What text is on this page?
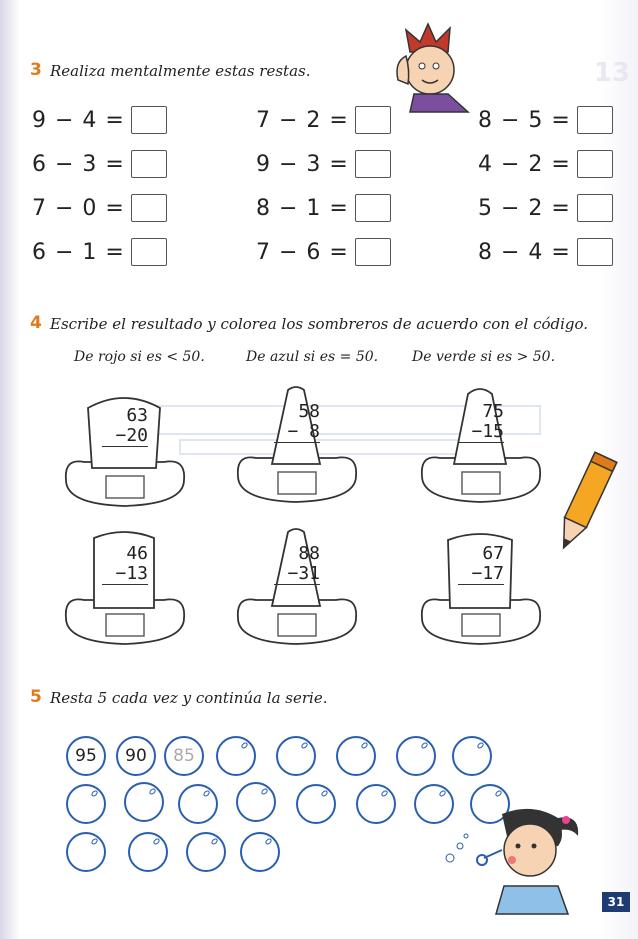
13
3 Realiza mentalmente estas restas.
9 − 4 =	7 − 2 =	8 − 5 =
6 − 3 =	9 − 3 =	4 − 2 =
7 − 0 =	8 − 1 =	5 − 2 =
6 − 1 =	7 − 6 =	8 − 4 =
4 Escribe el resultado y colorea los sombreros de acuerdo con el código.
De rojo si es < 50.	De azul si es = 50. De verde si es > 50.
63
−20
58
− 8
75
−15
46
−13
88
−31
67
−17
5 Resta 5 cada vez y continúa la serie.
95 90 85
31
